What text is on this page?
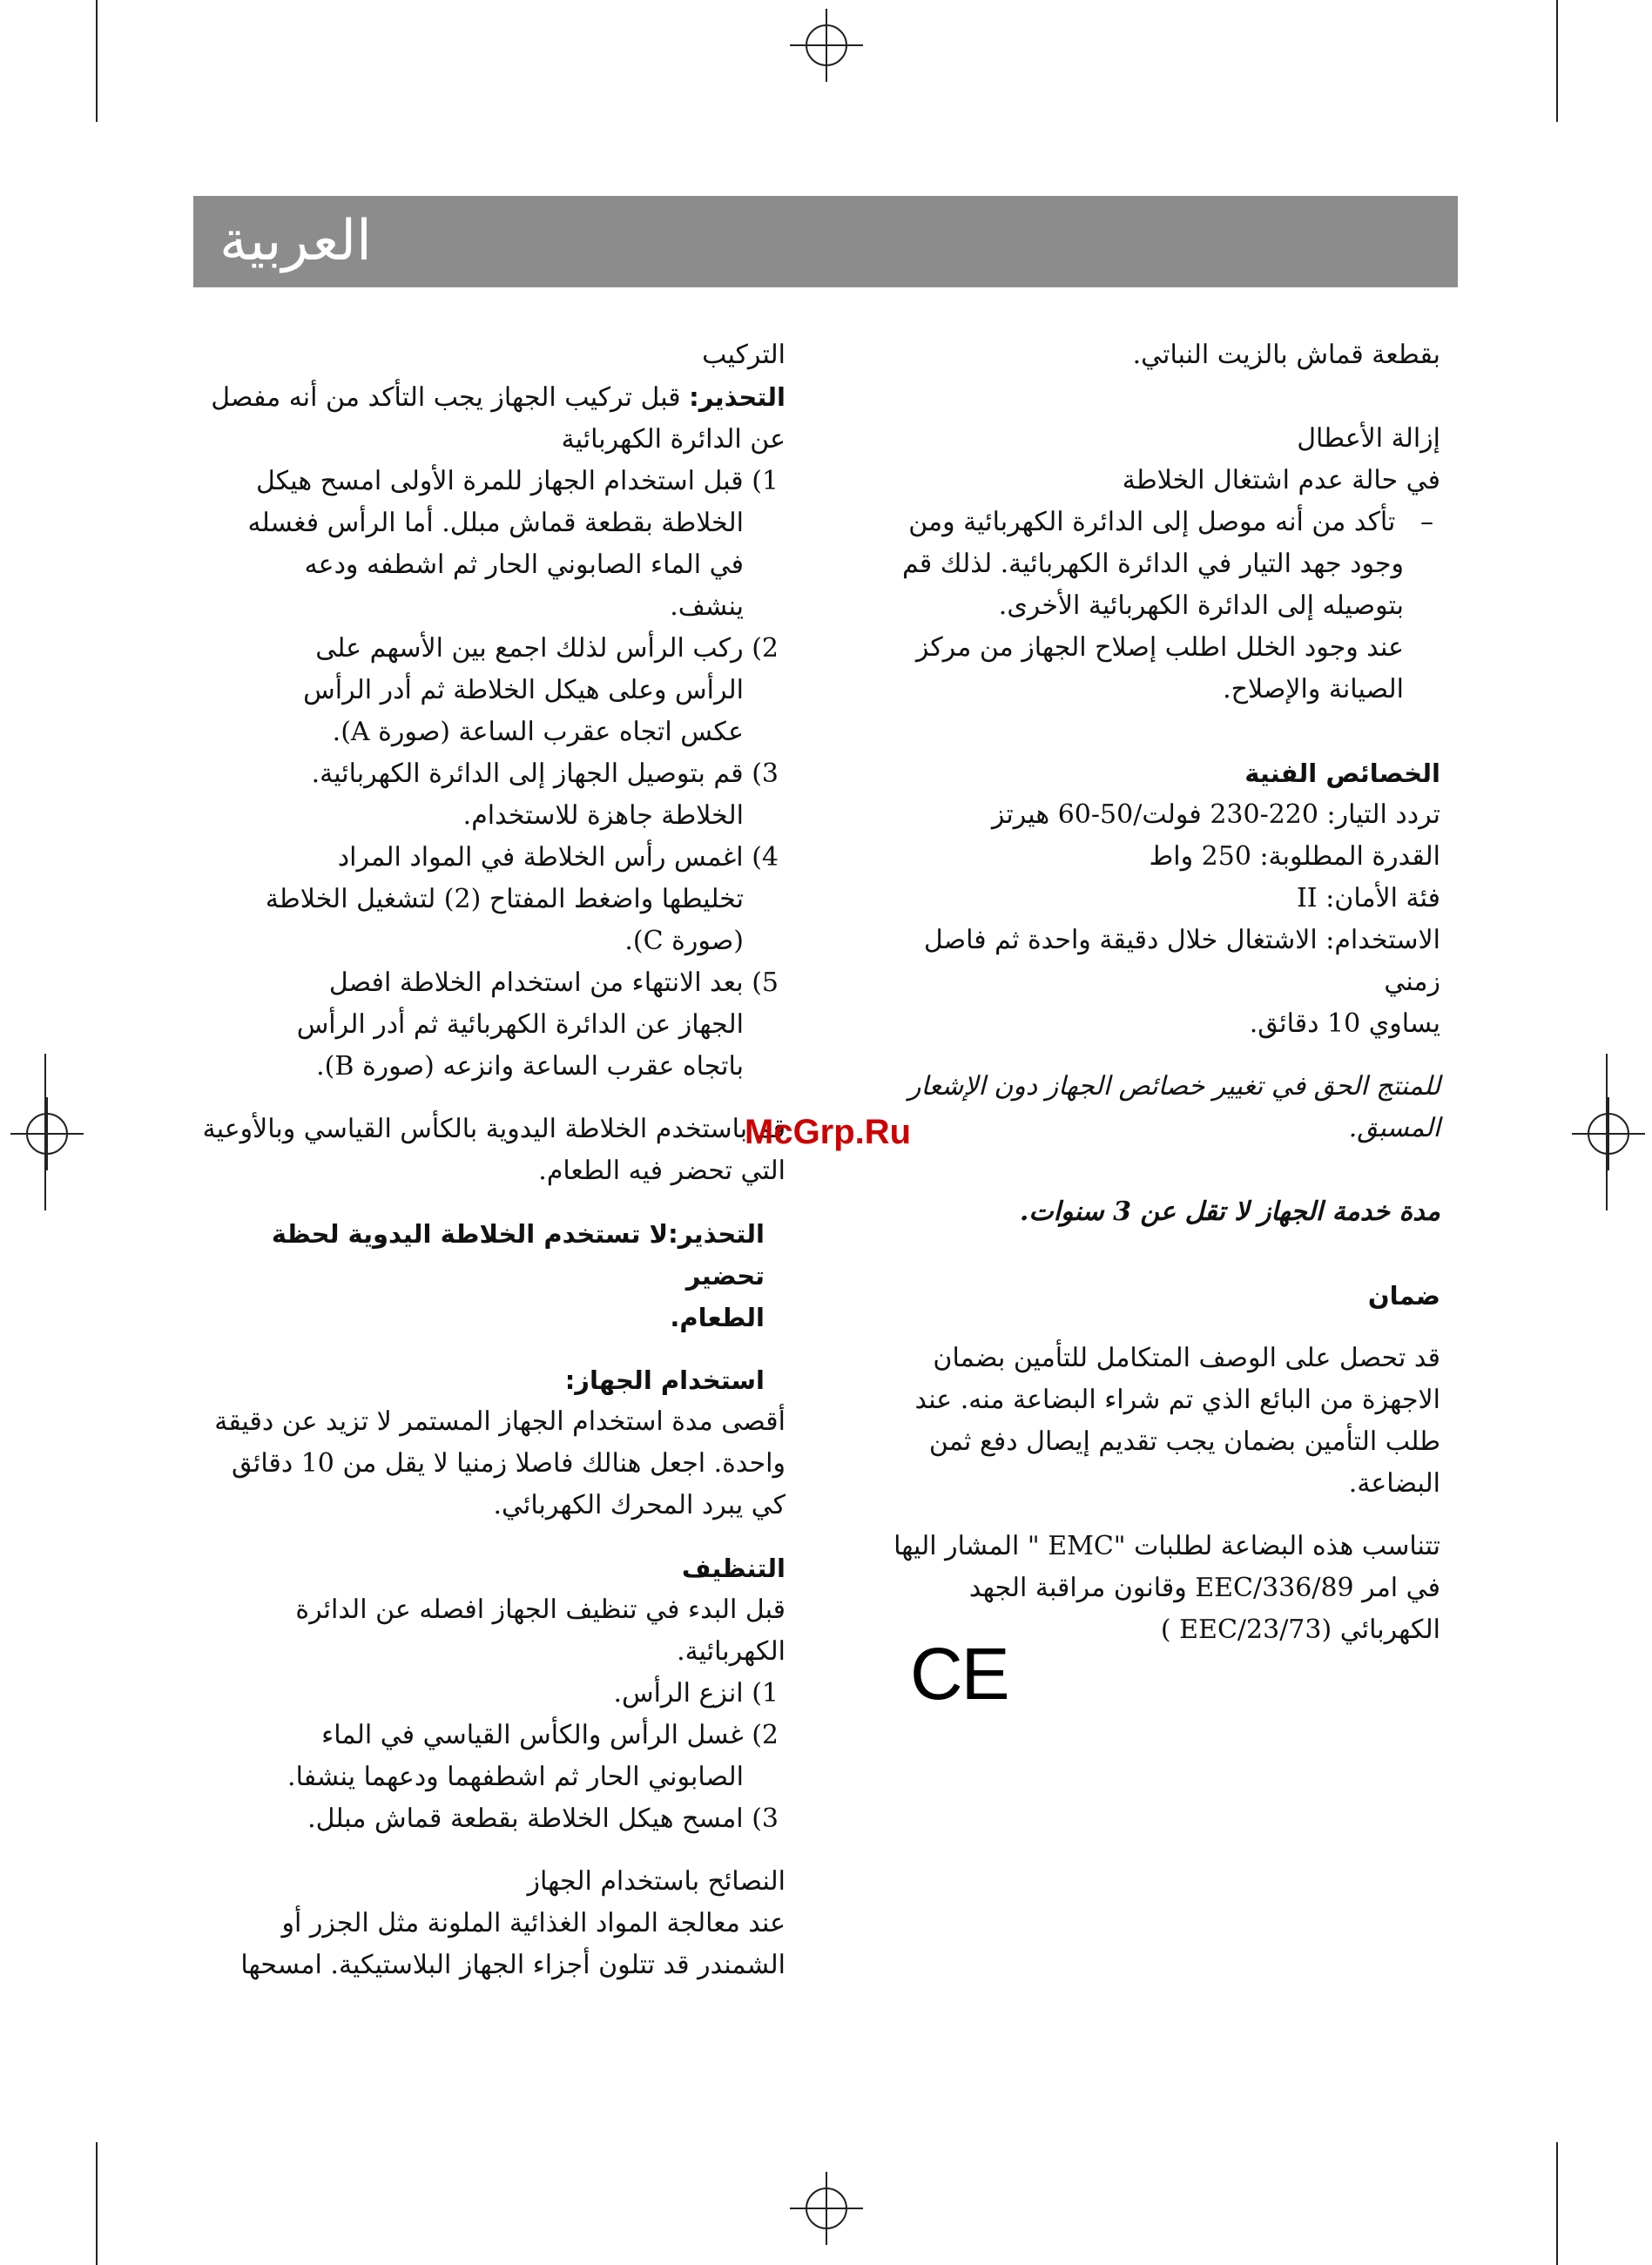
العربية

التركيب

التحذير: قبل تركيب الجهاز يجب التأكد من أنه مفصل

عن الدائرة الكهربائية

1) قبل استخدام الجهاز للمرة الأولى امسح هيكل

الخلاطة بقطعة قماش مبلل. أما الرأس فغسله

في الماء الصابوني الحار ثم اشطفه ودعه

ينشف.

2) ركب الرأس لذلك اجمع بين الأسهم على

الرأس وعلى هيكل الخلاطة ثم أدر الرأس

عكس اتجاه عقرب الساعة (صورة A).

3) قم بتوصيل الجهاز إلى الدائرة الكهربائية.

الخلاطة جاهزة للاستخدام.

4) اغمس رأس الخلاطة في المواد المراد

تخليطها واضغط المفتاح (2) لتشغيل الخلاطة

(صورة C).

5) بعد الانتهاء من استخدام الخلاطة افصل

الجهاز عن الدائرة الكهربائية ثم أدر الرأس

باتجاه عقرب الساعة وانزعه (صورة B).

قم باستخدم الخلاطة اليدوية بالكأس القياسي وبالأوعية

التي تحضر فيه الطعام.

التحذير:لا تستخدم الخلاطة اليدوية لحظة تحضير

الطعام.

استخدام الجهاز:

أقصى مدة استخدام الجهاز المستمر لا تزيد عن دقيقة

واحدة. اجعل هنالك فاصلا زمنيا لا يقل من 10 دقائق

كي يبرد المحرك الكهربائي.

التنظيف

قبل البدء في تنظيف الجهاز افصله عن الدائرة

الكهربائية.

1) انزع الرأس.

2) غسل الرأس والكأس القياسي في الماء

الصابوني الحار ثم اشطفهما ودعهما ينشفا.

3) امسح هيكل الخلاطة بقطعة قماش مبلل.

النصائح باستخدام الجهاز

عند معالجة المواد الغذائية الملونة مثل الجزر أو

الشمندر قد تتلون أجزاء الجهاز البلاستيكية. امسحها

بقطعة قماش بالزيت النباتي.

إزالة الأعطال

في حالة عدم اشتغال الخلاطة

–   تأكد من أنه موصل إلى الدائرة الكهربائية ومن

وجود جهد التيار في الدائرة الكهربائية. لذلك قم

بتوصيله إلى الدائرة الكهربائية الأخرى.

عند وجود الخلل اطلب إصلاح الجهاز من مركز

الصيانة والإصلاح.

الخصائص الفنية

تردد التيار: 220-230 فولت/50-60 هيرتز

القدرة المطلوبة: 250 واط

فئة الأمان: II

الاستخدام: الاشتغال خلال دقيقة واحدة ثم فاصل زمني

يساوي 10 دقائق.

للمنتج الحق في تغيير خصائص الجهاز دون الإشعار

المسبق.

مدة خدمة الجهاز لا تقل عن 3 سنوات.

ضمان

قد تحصل على الوصف المتكامل للتأمين بضمان

الاجهزة من البائع الذي تم شراء البضاعة منه. عند

طلب التأمين بضمان يجب تقديم إيصال دفع ثمن

البضاعة.

تتناسب هذه البضاعة لطلبات "EMC " المشار اليها

في امر EEC/336/89 وقانون مراقبة الجهد

الكهربائي (EEC/23/73 )

CE
McGrp.Ru
